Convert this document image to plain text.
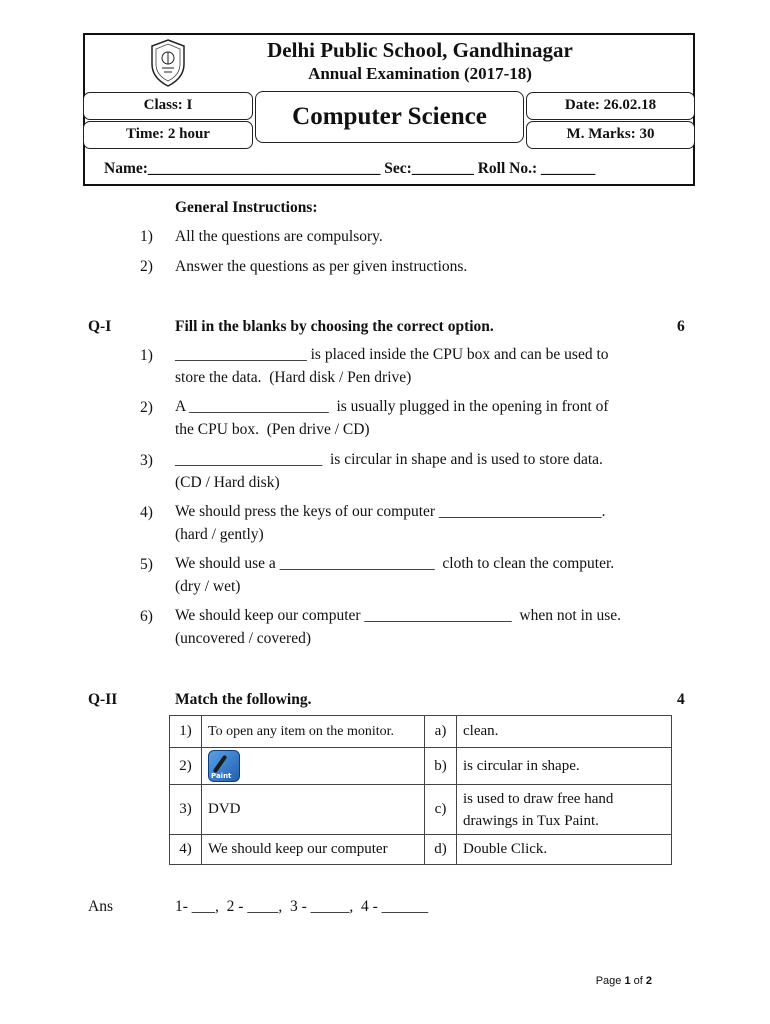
Delhi Public School, Gandhinagar
Annual Examination (2017-18)
Class: I
Time: 2 hour
Computer Science	Date: 26.02.18
M. Marks: 30
Name:______________________________ Sec:________ Roll No.: _______
General Instructions:
1) All the questions are compulsory.
2) Answer the questions as per given instructions.
Q-I	Fill in the blanks by choosing the correct option.	6
1) _________________ is placed inside the CPU box and can be used to
store the data.  (Hard disk / Pen drive)
2) A __________________  is usually plugged in the opening in front of
the CPU box.  (Pen drive / CD)
3) ___________________  is circular in shape and is used to store data.
(CD / Hard disk)
4) We should press the keys of our computer _____________________.
(hard / gently)
5) We should use a ____________________  cloth to clean the computer.
(dry / wet)
6) We should keep our computer ___________________  when not in use.
(uncovered / covered)
Q-II	Match the following.	4
1)	To open any item on the monitor.	a)	clean.
2)	Paint	b)	is circular in shape.
3)	DVD	c)	is used to draw free hand drawings in Tux Paint.
4)	We should keep our computer	d)	Double Click.
Ans	1- ___,  2 - ____,  3 - _____,  4 - ______
Page 1 of 2
